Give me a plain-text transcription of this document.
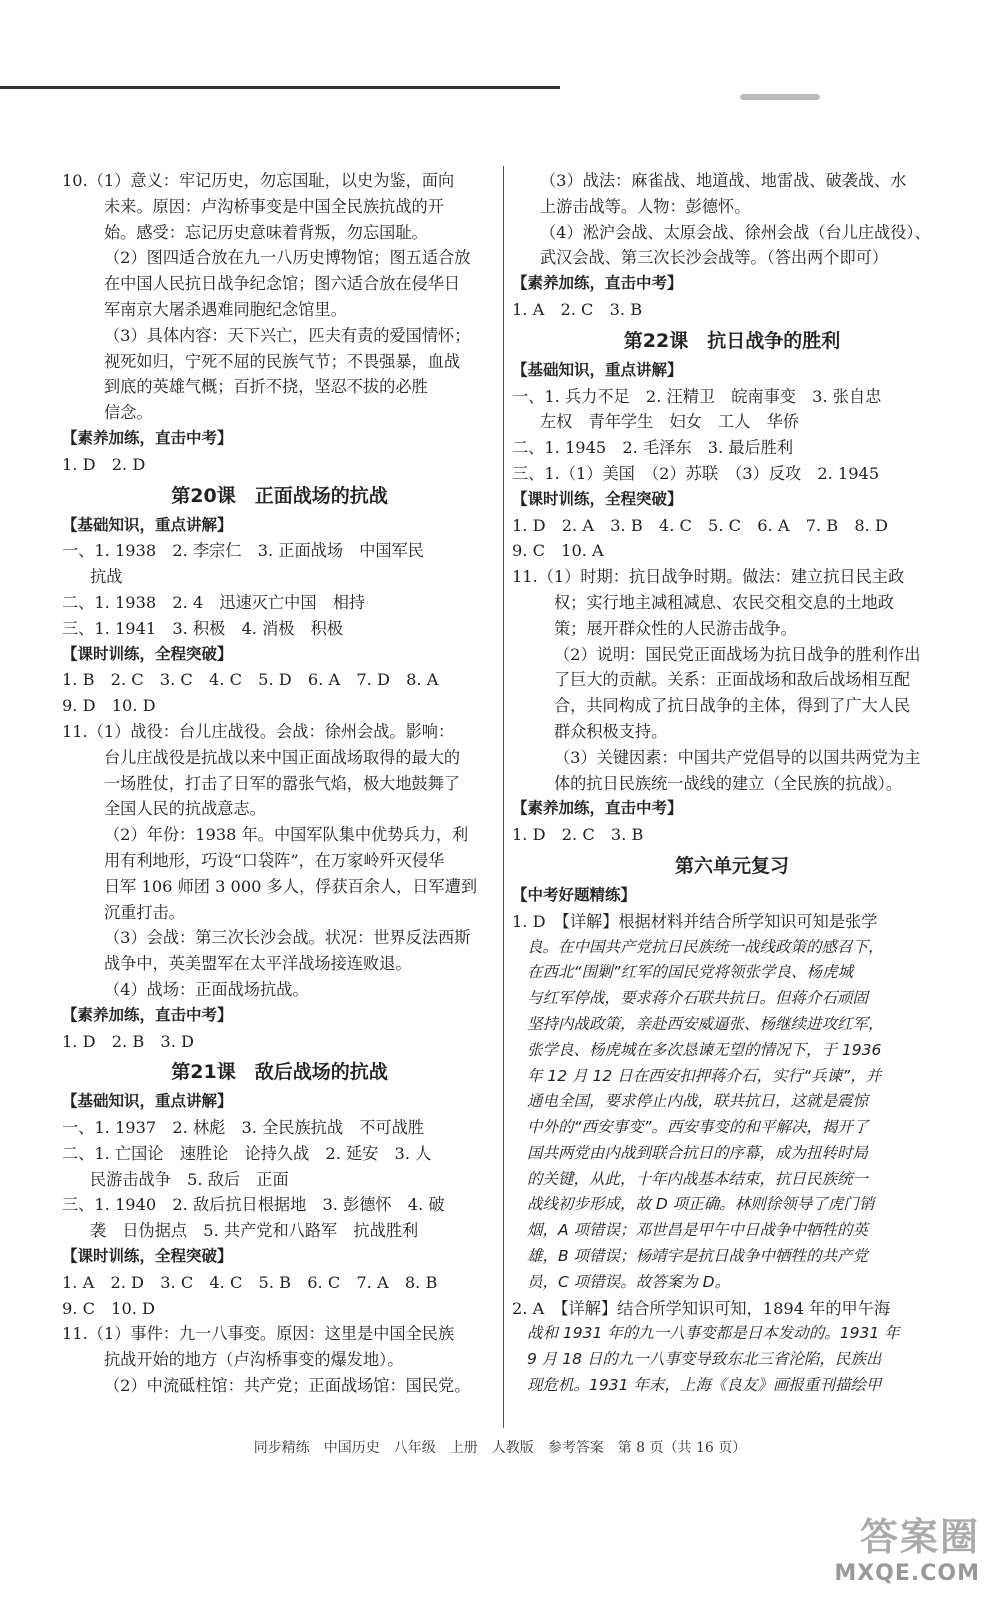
10.（1）意义：牢记历史，勿忘国耻，以史为鉴，面向
未来。原因：卢沟桥事变是中国全民族抗战的开
始。感受：忘记历史意味着背叛，勿忘国耻。
（2）图四适合放在九一八历史博物馆；图五适合放
在中国人民抗日战争纪念馆；图六适合放在侵华日
军南京大屠杀遇难同胞纪念馆里。
（3）具体内容：天下兴亡，匹夫有责的爱国情怀；
视死如归，宁死不屈的民族气节；不畏强暴，血战
到底的英雄气概；百折不挠，坚忍不拔的必胜
信念。
【素养加练，直击中考】
1. D　2. D
第20课　正面战场的抗战
【基础知识，重点讲解】
一、1. 1938　2. 李宗仁　3. 正面战场　中国军民
抗战
二、1. 1938　2. 4　迅速灭亡中国　相持
三、1. 1941　3. 积极　4. 消极　积极
【课时训练，全程突破】
1. B　2. C　3. C　4. C　5. D　6. A　7. D　8. A
9. D　10. D
11.（1）战役：台儿庄战役。会战：徐州会战。影响：
台儿庄战役是抗战以来中国正面战场取得的最大的
一场胜仗，打击了日军的嚣张气焰，极大地鼓舞了
全国人民的抗战意志。
（2）年份：1938 年。中国军队集中优势兵力，利
用有利地形，巧设“口袋阵”，在万家岭歼灭侵华
日军 106 师团 3 000 多人，俘获百余人，日军遭到
沉重打击。
（3）会战：第三次长沙会战。状况：世界反法西斯
战争中，英美盟军在太平洋战场接连败退。
（4）战场：正面战场抗战。
【素养加练，直击中考】
1. D　2. B　3. D
第21课　敌后战场的抗战
【基础知识，重点讲解】
一、1. 1937　2. 林彪　3. 全民族抗战　不可战胜
二、1. 亡国论　速胜论　论持久战　2. 延安　3. 人
民游击战争　5. 敌后　正面
三、1. 1940　2. 敌后抗日根据地　3. 彭德怀　4. 破
袭　日伪据点　5. 共产党和八路军　抗战胜利
【课时训练，全程突破】
1. A　2. D　3. C　4. C　5. B　6. C　7. A　8. B
9. C　10. D
11.（1）事件：九一八事变。原因：这里是中国全民族
抗战开始的地方（卢沟桥事变的爆发地）。
（2）中流砥柱馆：共产党；正面战场馆：国民党。
（3）战法：麻雀战、地道战、地雷战、破袭战、水
上游击战等。人物：彭德怀。
（4）淞沪会战、太原会战、徐州会战（台儿庄战役）、
武汉会战、第三次长沙会战等。（答出两个即可）
【素养加练，直击中考】
1. A　2. C　3. B
第22课　抗日战争的胜利
【基础知识，重点讲解】
一、1. 兵力不足　2. 汪精卫　皖南事变　3. 张自忠
左权　青年学生　妇女　工人　华侨
二、1. 1945　2. 毛泽东　3. 最后胜利
三、1.（1）美国　（2）苏联　（3）反攻　2. 1945
【课时训练，全程突破】
1. D　2. A　3. B　4. C　5. C　6. A　7. B　8. D
9. C　10. A
11.（1）时期：抗日战争时期。做法：建立抗日民主政
权；实行地主减租减息、农民交租交息的土地政
策；展开群众性的人民游击战争。
（2）说明：国民党正面战场为抗日战争的胜利作出
了巨大的贡献。关系：正面战场和敌后战场相互配
合，共同构成了抗日战争的主体，得到了广大人民
群众积极支持。
（3）关键因素：中国共产党倡导的以国共两党为主
体的抗日民族统一战线的建立（全民族的抗战）。
【素养加练，直击中考】
1. D　2. C　3. B
第六单元复习
【中考好题精练】
1. D　【详解】根据材料并结合所学知识可知是张学
良。在中国共产党抗日民族统一战线政策的感召下，
在西北“围剿”红军的国民党将领张学良、杨虎城
与红军停战，要求蒋介石联共抗日。但蒋介石顽固
坚持内战政策，亲赴西安威逼张、杨继续进攻红军，
张学良、杨虎城在多次恳谏无望的情况下，于 1936
年 12 月 12 日在西安扣押蒋介石，实行“兵谏”，并
通电全国，要求停止内战，联共抗日，这就是震惊
中外的“西安事变”。西安事变的和平解决，揭开了
国共两党由内战到联合抗日的序幕，成为扭转时局
的关键，从此，十年内战基本结束，抗日民族统一
战线初步形成，故 D 项正确。林则徐领导了虎门销
烟，A 项错误；邓世昌是甲午中日战争中牺牲的英
雄，B 项错误；杨靖宇是抗日战争中牺牲的共产党
员，C 项错误。故答案为 D。
2. A　【详解】结合所学知识可知，1894 年的甲午海
战和 1931 年的九一八事变都是日本发动的。1931 年
9 月 18 日的九一八事变导致东北三省沦陷，民族出
现危机。1931 年末，上海《良友》画报重刊描绘甲
同步精练　中国历史　八年级　上册　人教版　参考答案　第 8 页（共 16 页）
答案圈
MXQE.COM
